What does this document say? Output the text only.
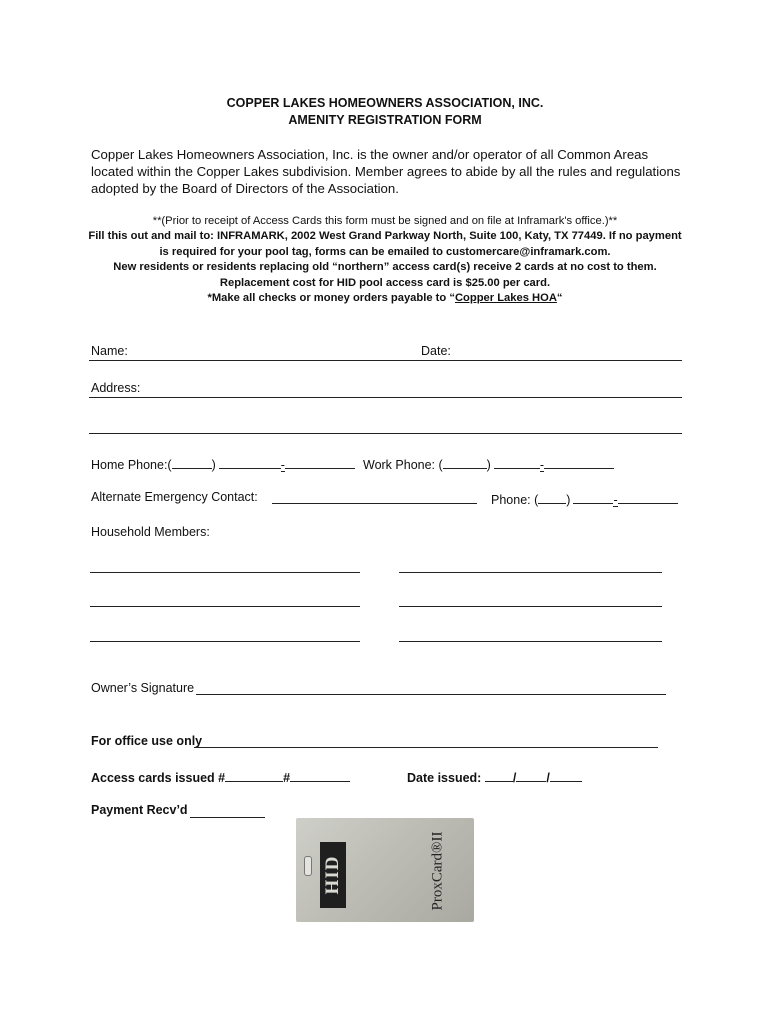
COPPER LAKES HOMEOWNERS ASSOCIATION, INC.
AMENITY REGISTRATION FORM
Copper Lakes Homeowners Association, Inc. is the owner and/or operator of all Common Areas located within the Copper Lakes subdivision. Member agrees to abide by all the rules and regulations adopted by the Board of Directors of the Association.
**(Prior to receipt of Access Cards this form must be signed and on file at Inframark's office.)**
Fill this out and mail to: INFRAMARK, 2002 West Grand Parkway North, Suite 100, Katy, TX 77449. If no payment
is required for your pool tag, forms can be emailed to customercare@inframark.com.
New residents or residents replacing old “northern” access card(s) receive 2 cards at no cost to them.
Replacement cost for HID pool access card is $25.00 per card.
*Make all checks or money orders payable to “Copper Lakes HOA“
Name:	Date:
Address:
Home Phone:(	)	-	Work Phone: (	)	-
Alternate Emergency Contact:	Phone: ( )	-
Household Members:
Owner’s Signature
For office use only
Access cards issued #	#	Date issued:	/ /
Payment Recv’d
HID	ProxCard®II
